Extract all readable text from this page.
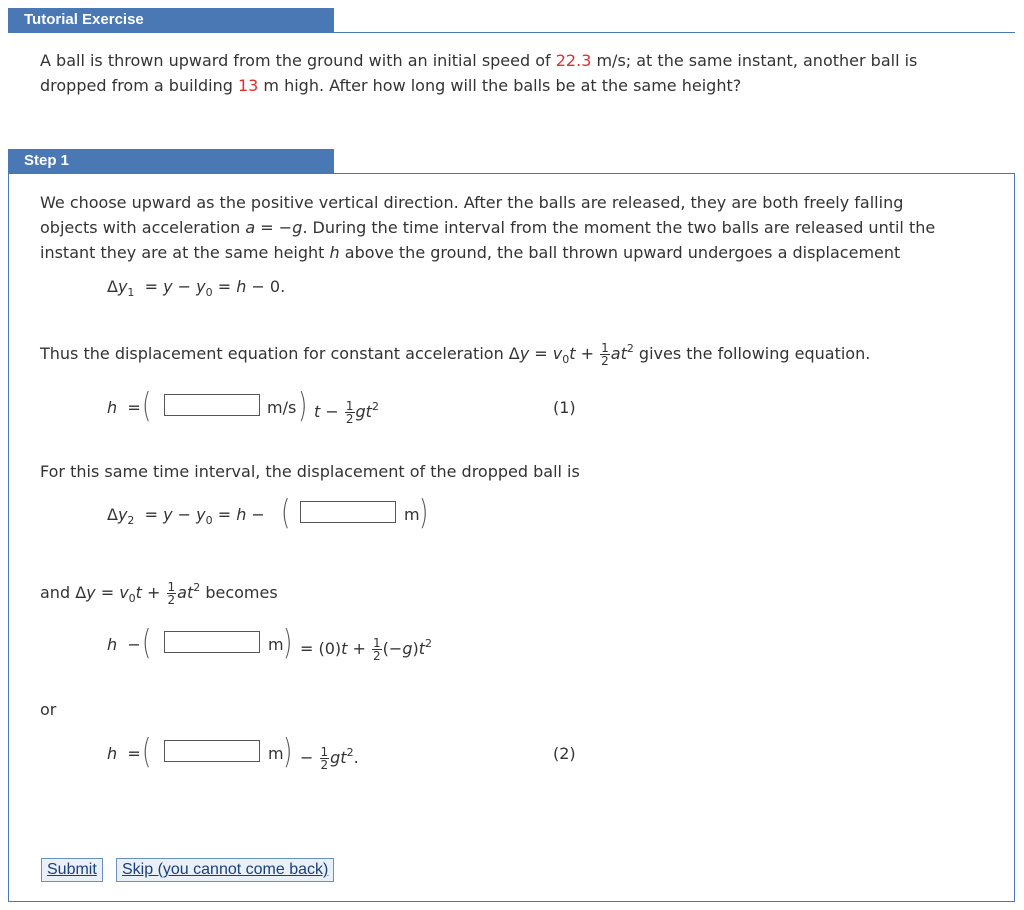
Tutorial Exercise
A ball is thrown upward from the ground with an initial speed of 22.3 m/s; at the same instant, another ball is
dropped from a building 13 m high. After how long will the balls be at the same height?
Step 1
We choose upward as the positive vertical direction. After the balls are released, they are both freely falling
objects with acceleration a = −g. During the time interval from the moment the two balls are released until the
instant they are at the same height h above the ground, the ball thrown upward undergoes a displacement
$\Delta y_1 = y - y_0 = h - 0$.
Thus the displacement equation for constant acceleration $\Delta y = v_0t + \frac{1}{2} at^2$ gives the following equation.
h  = (	m/s ) $t - \frac{1}{2} gt^2$	(1)
For this same time interval, the displacement of the dropped ball is
$\Delta y_2 = y - y_0 = h$ − (	m )
and $\Delta y = v_0t + \frac{1}{2} at^2$ becomes
h  − (	m ) = $(0)t + \frac{1}{2} (-g)t^2$
or
h  = (	m ) − $\frac{1}{2} gt^2$.	(2)
Submit	Skip (you cannot come back)
